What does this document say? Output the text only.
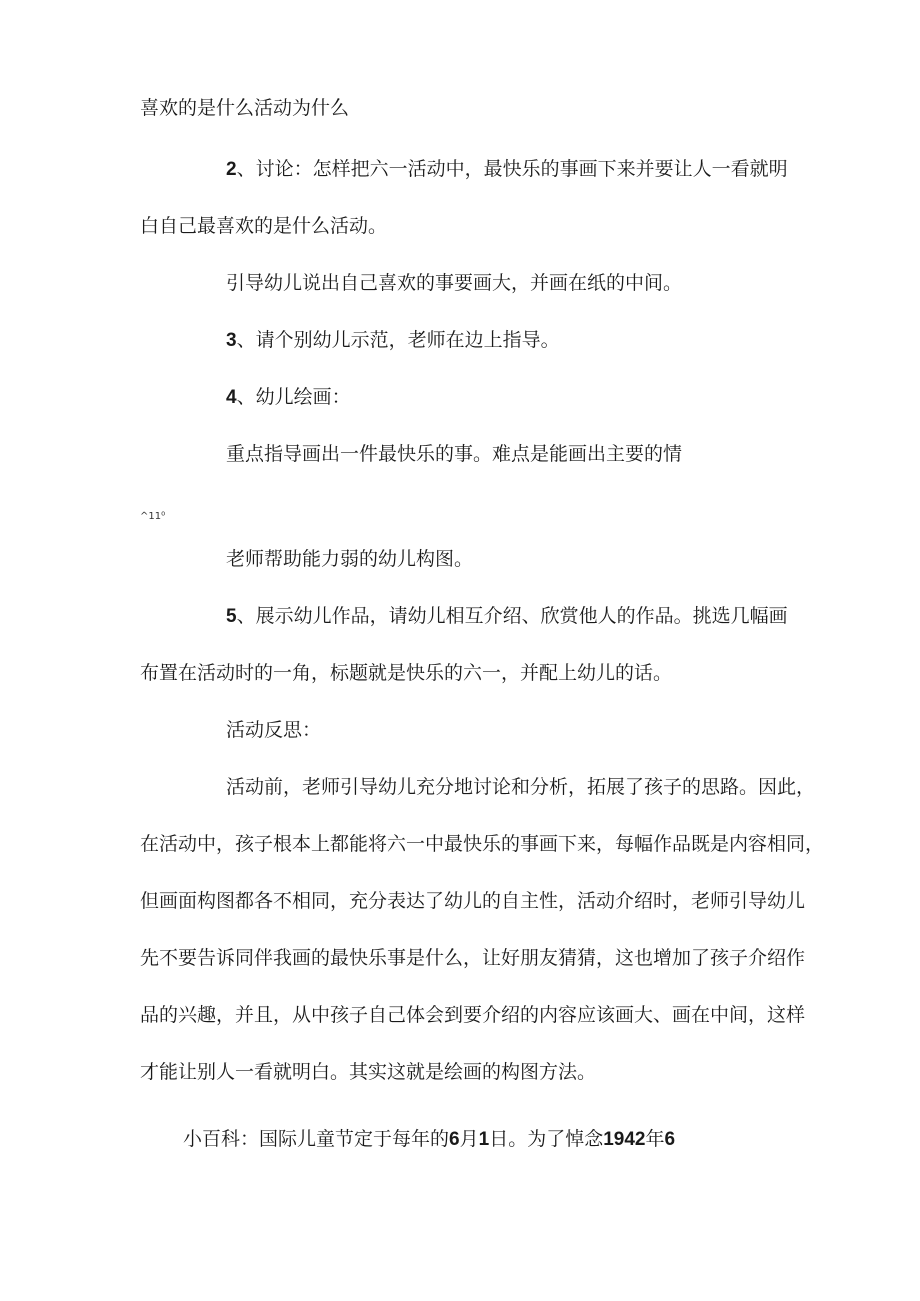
喜欢的是什么活动为什么
2、讨论：怎样把六一活动中，最快乐的事画下来并要让人一看就明
白自己最喜欢的是什么活动。
引导幼儿说出自己喜欢的事要画大，并画在纸的中间。
3、请个别幼儿示范，老师在边上指导。
4、幼儿绘画：
重点指导画出一件最快乐的事。难点是能画出主要的情
^11⁰
老师帮助能力弱的幼儿构图。
5、展示幼儿作品，请幼儿相互介绍、欣赏他人的作品。挑选几幅画
布置在活动时的一角，标题就是快乐的六一，并配上幼儿的话。
活动反思：
活动前，老师引导幼儿充分地讨论和分析，拓展了孩子的思路。因此，
在活动中，孩子根本上都能将六一中最快乐的事画下来，每幅作品既是内容相同，
但画面构图都各不相同，充分表达了幼儿的自主性，活动介绍时，老师引导幼儿
先不要告诉同伴我画的最快乐事是什么，让好朋友猜猜，这也增加了孩子介绍作
品的兴趣，并且，从中孩子自己体会到要介绍的内容应该画大、画在中间，这样
才能让别人一看就明白。其实这就是绘画的构图方法。
小百科：国际儿童节定于每年的6月1日。为了悼念1942年6
